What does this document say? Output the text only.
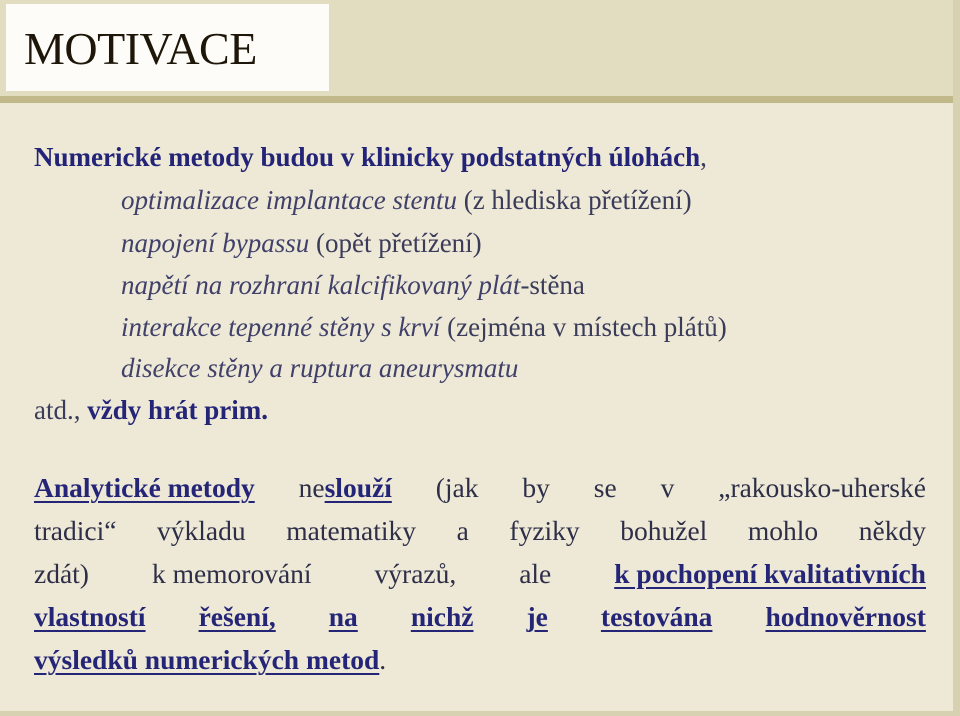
MOTIVACE
Numerické metody budou v klinicky podstatných úlohách,
optimalizace implantace stentu (z hlediska přetížení)
napojení bypassu (opět přetížení)
napětí na rozhraní kalcifikovaný plát-stěna
interakce tepenné stěny s krví (zejména v místech plátů)
disekce stěny a ruptura aneurysmatu
atd., vždy hrát prim.
Analytické metody neslouží (jak by se v „rakousko-uherské
tradici“ výkladu matematiky a fyziky bohužel mohlo někdy
zdát) k memorování výrazů, ale k pochopení kvalitativních
vlastností řešení, na nichž je testována hodnověrnost
výsledků numerických metod .
